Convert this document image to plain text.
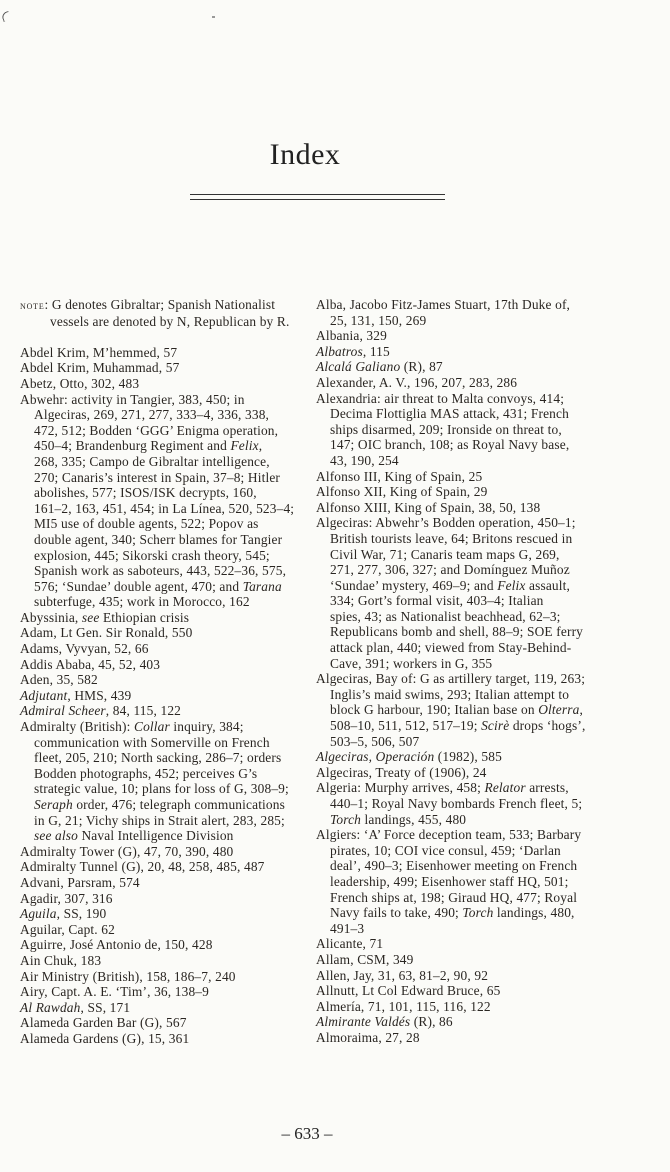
Index
note: G denotes Gibraltar; Spanish Nationalist
vessels are denoted by N, Republican by R.
Abdel Krim, M’hemmed, 57
Abdel Krim, Muhammad, 57
Abetz, Otto, 302, 483
Abwehr: activity in Tangier, 383, 450; in
Algeciras, 269, 271, 277, 333–4, 336, 338,
472, 512; Bodden ‘GGG’ Enigma operation,
450–4; Brandenburg Regiment and Felix,
268, 335; Campo de Gibraltar intelligence,
270; Canaris’s interest in Spain, 37–8; Hitler
abolishes, 577; ISOS/ISK decrypts, 160,
161–2, 163, 451, 454; in La Línea, 520, 523–4;
MI5 use of double agents, 522; Popov as
double agent, 340; Scherr blames for Tangier
explosion, 445; Sikorski crash theory, 545;
Spanish work as saboteurs, 443, 522–36, 575,
576; ‘Sundae’ double agent, 470; and Tarana
subterfuge, 435; work in Morocco, 162
Abyssinia, see Ethiopian crisis
Adam, Lt Gen. Sir Ronald, 550
Adams, Vyvyan, 52, 66
Addis Ababa, 45, 52, 403
Aden, 35, 582
Adjutant, HMS, 439
Admiral Scheer, 84, 115, 122
Admiralty (British): Collar inquiry, 384;
communication with Somerville on French
fleet, 205, 210; North sacking, 286–7; orders
Bodden photographs, 452; perceives G’s
strategic value, 10; plans for loss of G, 308–9;
Seraph order, 476; telegraph communications
in G, 21; Vichy ships in Strait alert, 283, 285;
see also Naval Intelligence Division
Admiralty Tower (G), 47, 70, 390, 480
Admiralty Tunnel (G), 20, 48, 258, 485, 487
Advani, Parsram, 574
Agadir, 307, 316
Aguila, SS, 190
Aguilar, Capt. 62
Aguirre, José Antonio de, 150, 428
Ain Chuk, 183
Air Ministry (British), 158, 186–7, 240
Airy, Capt. A. E. ‘Tim’, 36, 138–9
Al Rawdah, SS, 171
Alameda Garden Bar (G), 567
Alameda Gardens (G), 15, 361
Alba, Jacobo Fitz-James Stuart, 17th Duke of,
25, 131, 150, 269
Albania, 329
Albatros, 115
Alcalá Galiano (R), 87
Alexander, A. V., 196, 207, 283, 286
Alexandria: air threat to Malta convoys, 414;
Decima Flottiglia MAS attack, 431; French
ships disarmed, 209; Ironside on threat to,
147; OIC branch, 108; as Royal Navy base,
43, 190, 254
Alfonso III, King of Spain, 25
Alfonso XII, King of Spain, 29
Alfonso XIII, King of Spain, 38, 50, 138
Algeciras: Abwehr’s Bodden operation, 450–1;
British tourists leave, 64; Britons rescued in
Civil War, 71; Canaris team maps G, 269,
271, 277, 306, 327; and Domínguez Muñoz
‘Sundae’ mystery, 469–9; and Felix assault,
334; Gort’s formal visit, 403–4; Italian
spies, 43; as Nationalist beachhead, 62–3;
Republicans bomb and shell, 88–9; SOE ferry
attack plan, 440; viewed from Stay-Behind-
Cave, 391; workers in G, 355
Algeciras, Bay of: G as artillery target, 119, 263;
Inglis’s maid swims, 293; Italian attempt to
block G harbour, 190; Italian base on Olterra,
508–10, 511, 512, 517–19; Scirè drops ‘hogs’,
503–5, 506, 507
Algeciras, Operación (1982), 585
Algeciras, Treaty of (1906), 24
Algeria: Murphy arrives, 458; Relator arrests,
440–1; Royal Navy bombards French fleet, 5;
Torch landings, 455, 480
Algiers: ‘A’ Force deception team, 533; Barbary
pirates, 10; COI vice consul, 459; ‘Darlan
deal’, 490–3; Eisenhower meeting on French
leadership, 499; Eisenhower staff HQ, 501;
French ships at, 198; Giraud HQ, 477; Royal
Navy fails to take, 490; Torch landings, 480,
491–3
Alicante, 71
Allam, CSM, 349
Allen, Jay, 31, 63, 81–2, 90, 92
Allnutt, Lt Col Edward Bruce, 65
Almería, 71, 101, 115, 116, 122
Almirante Valdés (R), 86
Almoraima, 27, 28
– 633 –
